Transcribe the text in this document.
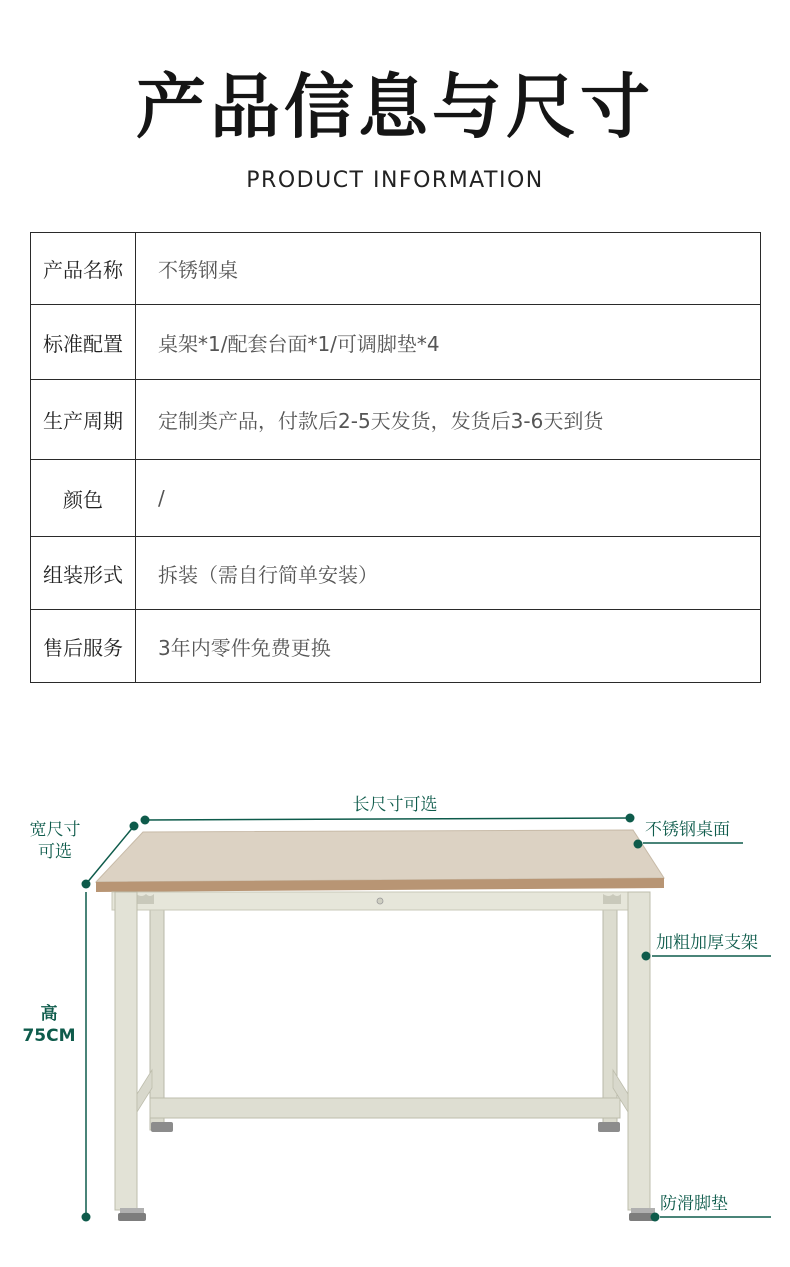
产品信息与尺寸
PRODUCT INFORMATION
产品名称	不锈钢桌
标准配置	桌架*1/配套台面*1/可调脚垫*4
生产周期	定制类产品，付款后2-5天发货，发货后3-6天到货
颜色	/
组装形式	拆装（需自行简单安装）
售后服务	3年内零件免费更换
长尺寸可选
宽尺寸
可选
高
75CM
不锈钢桌面
加粗加厚支架
防滑脚垫
